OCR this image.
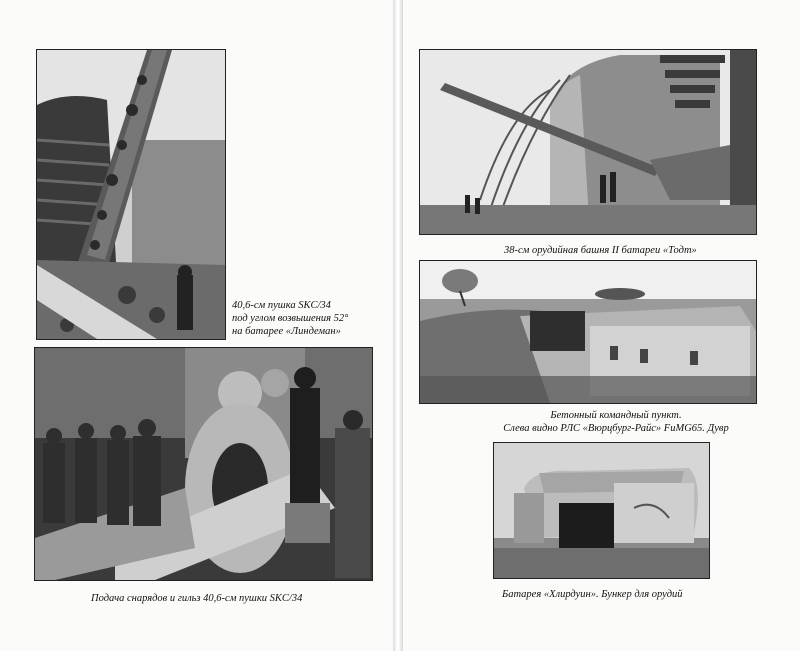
40,6-см пушка SKC/34
под углом возвышения 52°
на батарее «Линдеман»
Подача снарядов и гильз 40,6-см пушки SKC/34
38-см орудийная башня II батареи «Тодт»
Бетонный командный пункт.
Слева видно РЛС «Вюрцбург-Райс» FuMG65. Дувр
Батарея «Хлирдуин». Бункер для орудий
